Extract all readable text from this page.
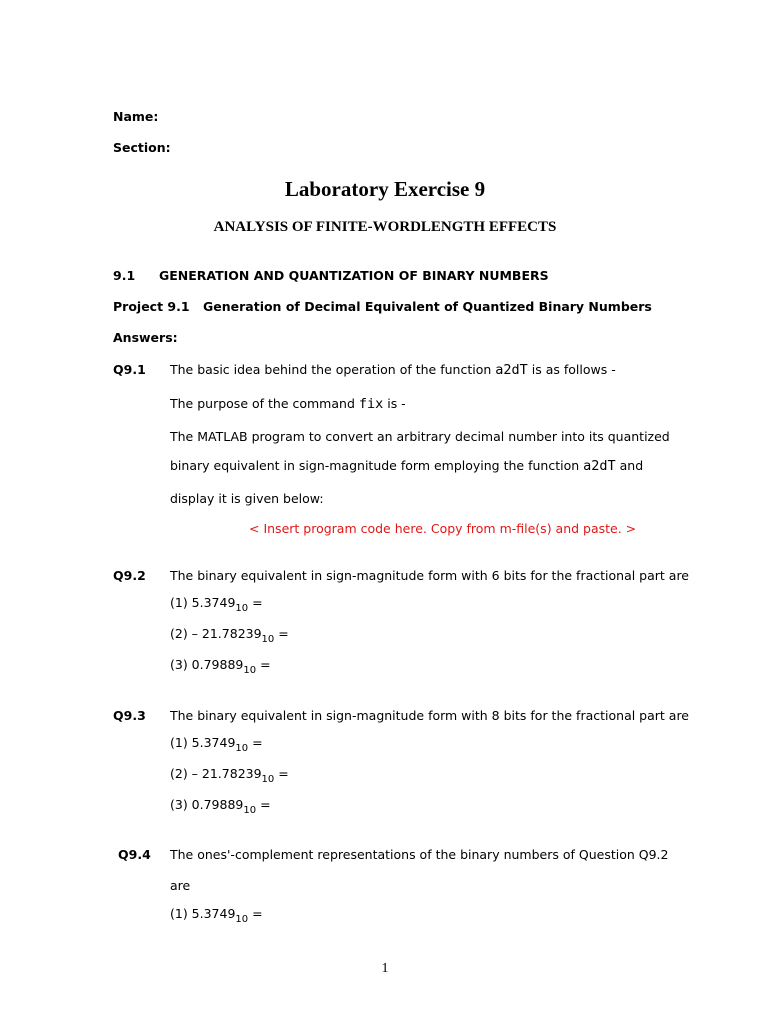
Name:
Section:
Laboratory Exercise 9
ANALYSIS OF FINITE-WORDLENGTH EFFECTS
9.1 GENERATION AND QUANTIZATION OF BINARY NUMBERS
Project 9.1 Generation of Decimal Equivalent of Quantized Binary Numbers
Answers:
Q9.1 The basic idea behind the operation of the function a2dT is as follows -
The purpose of the command fix is -
The MATLAB program to convert an arbitrary decimal number into its quantized
binary equivalent in sign-magnitude form employing the function a2dT and
display it is given below:
< Insert program code here. Copy from m-file(s) and paste. >
Q9.2 The binary equivalent in sign-magnitude form with 6 bits for the fractional part are
(1) $5.3749_{10}$ =
$(2) - 21.78239_{10}$ =
(3) $0.79889_{10}$ =
Q9.3 The binary equivalent in sign-magnitude form with 8 bits for the fractional part are
(1) $5.3749_{10}$ =
$(2) - 21.78239_{10}$ =
(3) $0.79889_{10}$ =
Q9.4 The ones'-complement representations of the binary numbers of Question Q9.2
are
(1) $5.3749_{10}$ =
1
